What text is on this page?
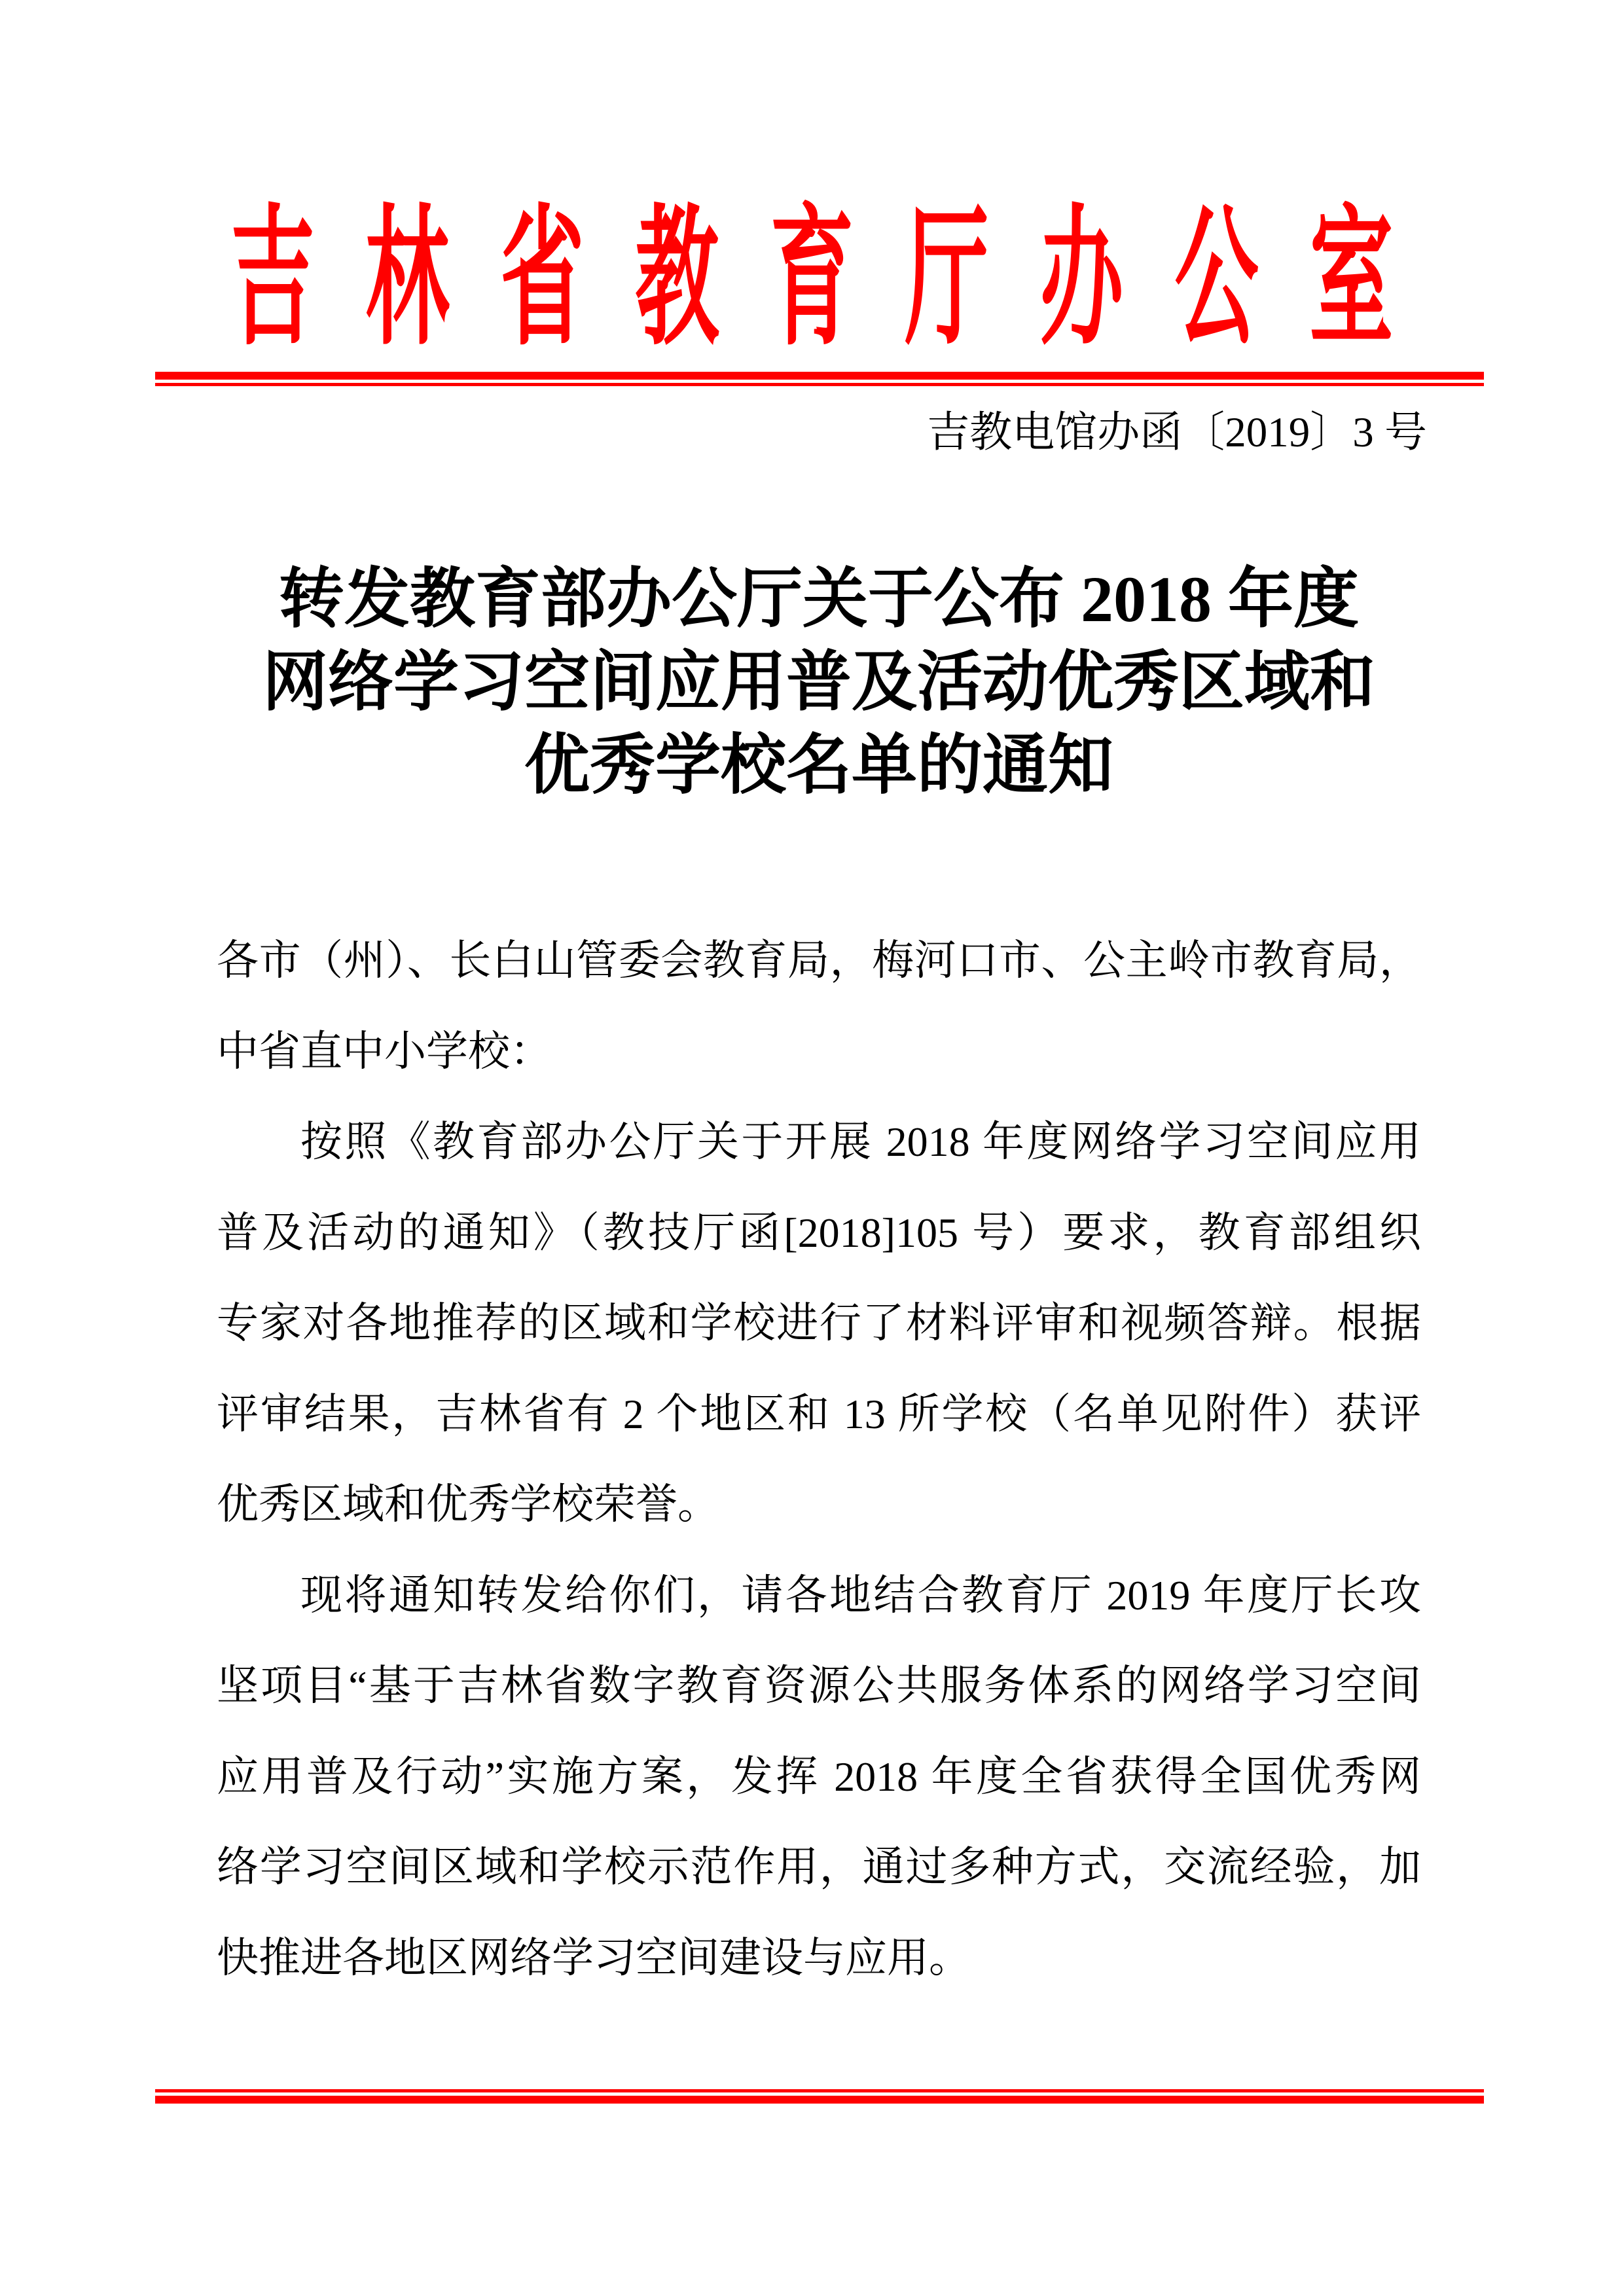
吉林省教育厅办公室
吉教电馆办函〔2019〕3 号
转发教育部办公厅关于公布 2018 年度
网络学习空间应用普及活动优秀区域和
优秀学校名单的通知
各市（州）、长白山管委会教育局，梅河口市、公主岭市教育局，
中省直中小学校：
按照《教育部办公厅关于开展 2018 年度网络学习空间应用
普及活动的通知》（教技厅函[2018]105 号）要求，教育部组织
专家对各地推荐的区域和学校进行了材料评审和视频答辩。根据
评审结果，吉林省有 2 个地区和 13 所学校（名单见附件）获评
优秀区域和优秀学校荣誉。
现将通知转发给你们，请各地结合教育厅 2019 年度厅长攻
坚项目“基于吉林省数字教育资源公共服务体系的网络学习空间
应用普及行动”实施方案，发挥 2018 年度全省获得全国优秀网
络学习空间区域和学校示范作用，通过多种方式，交流经验，加
快推进各地区网络学习空间建设与应用。
